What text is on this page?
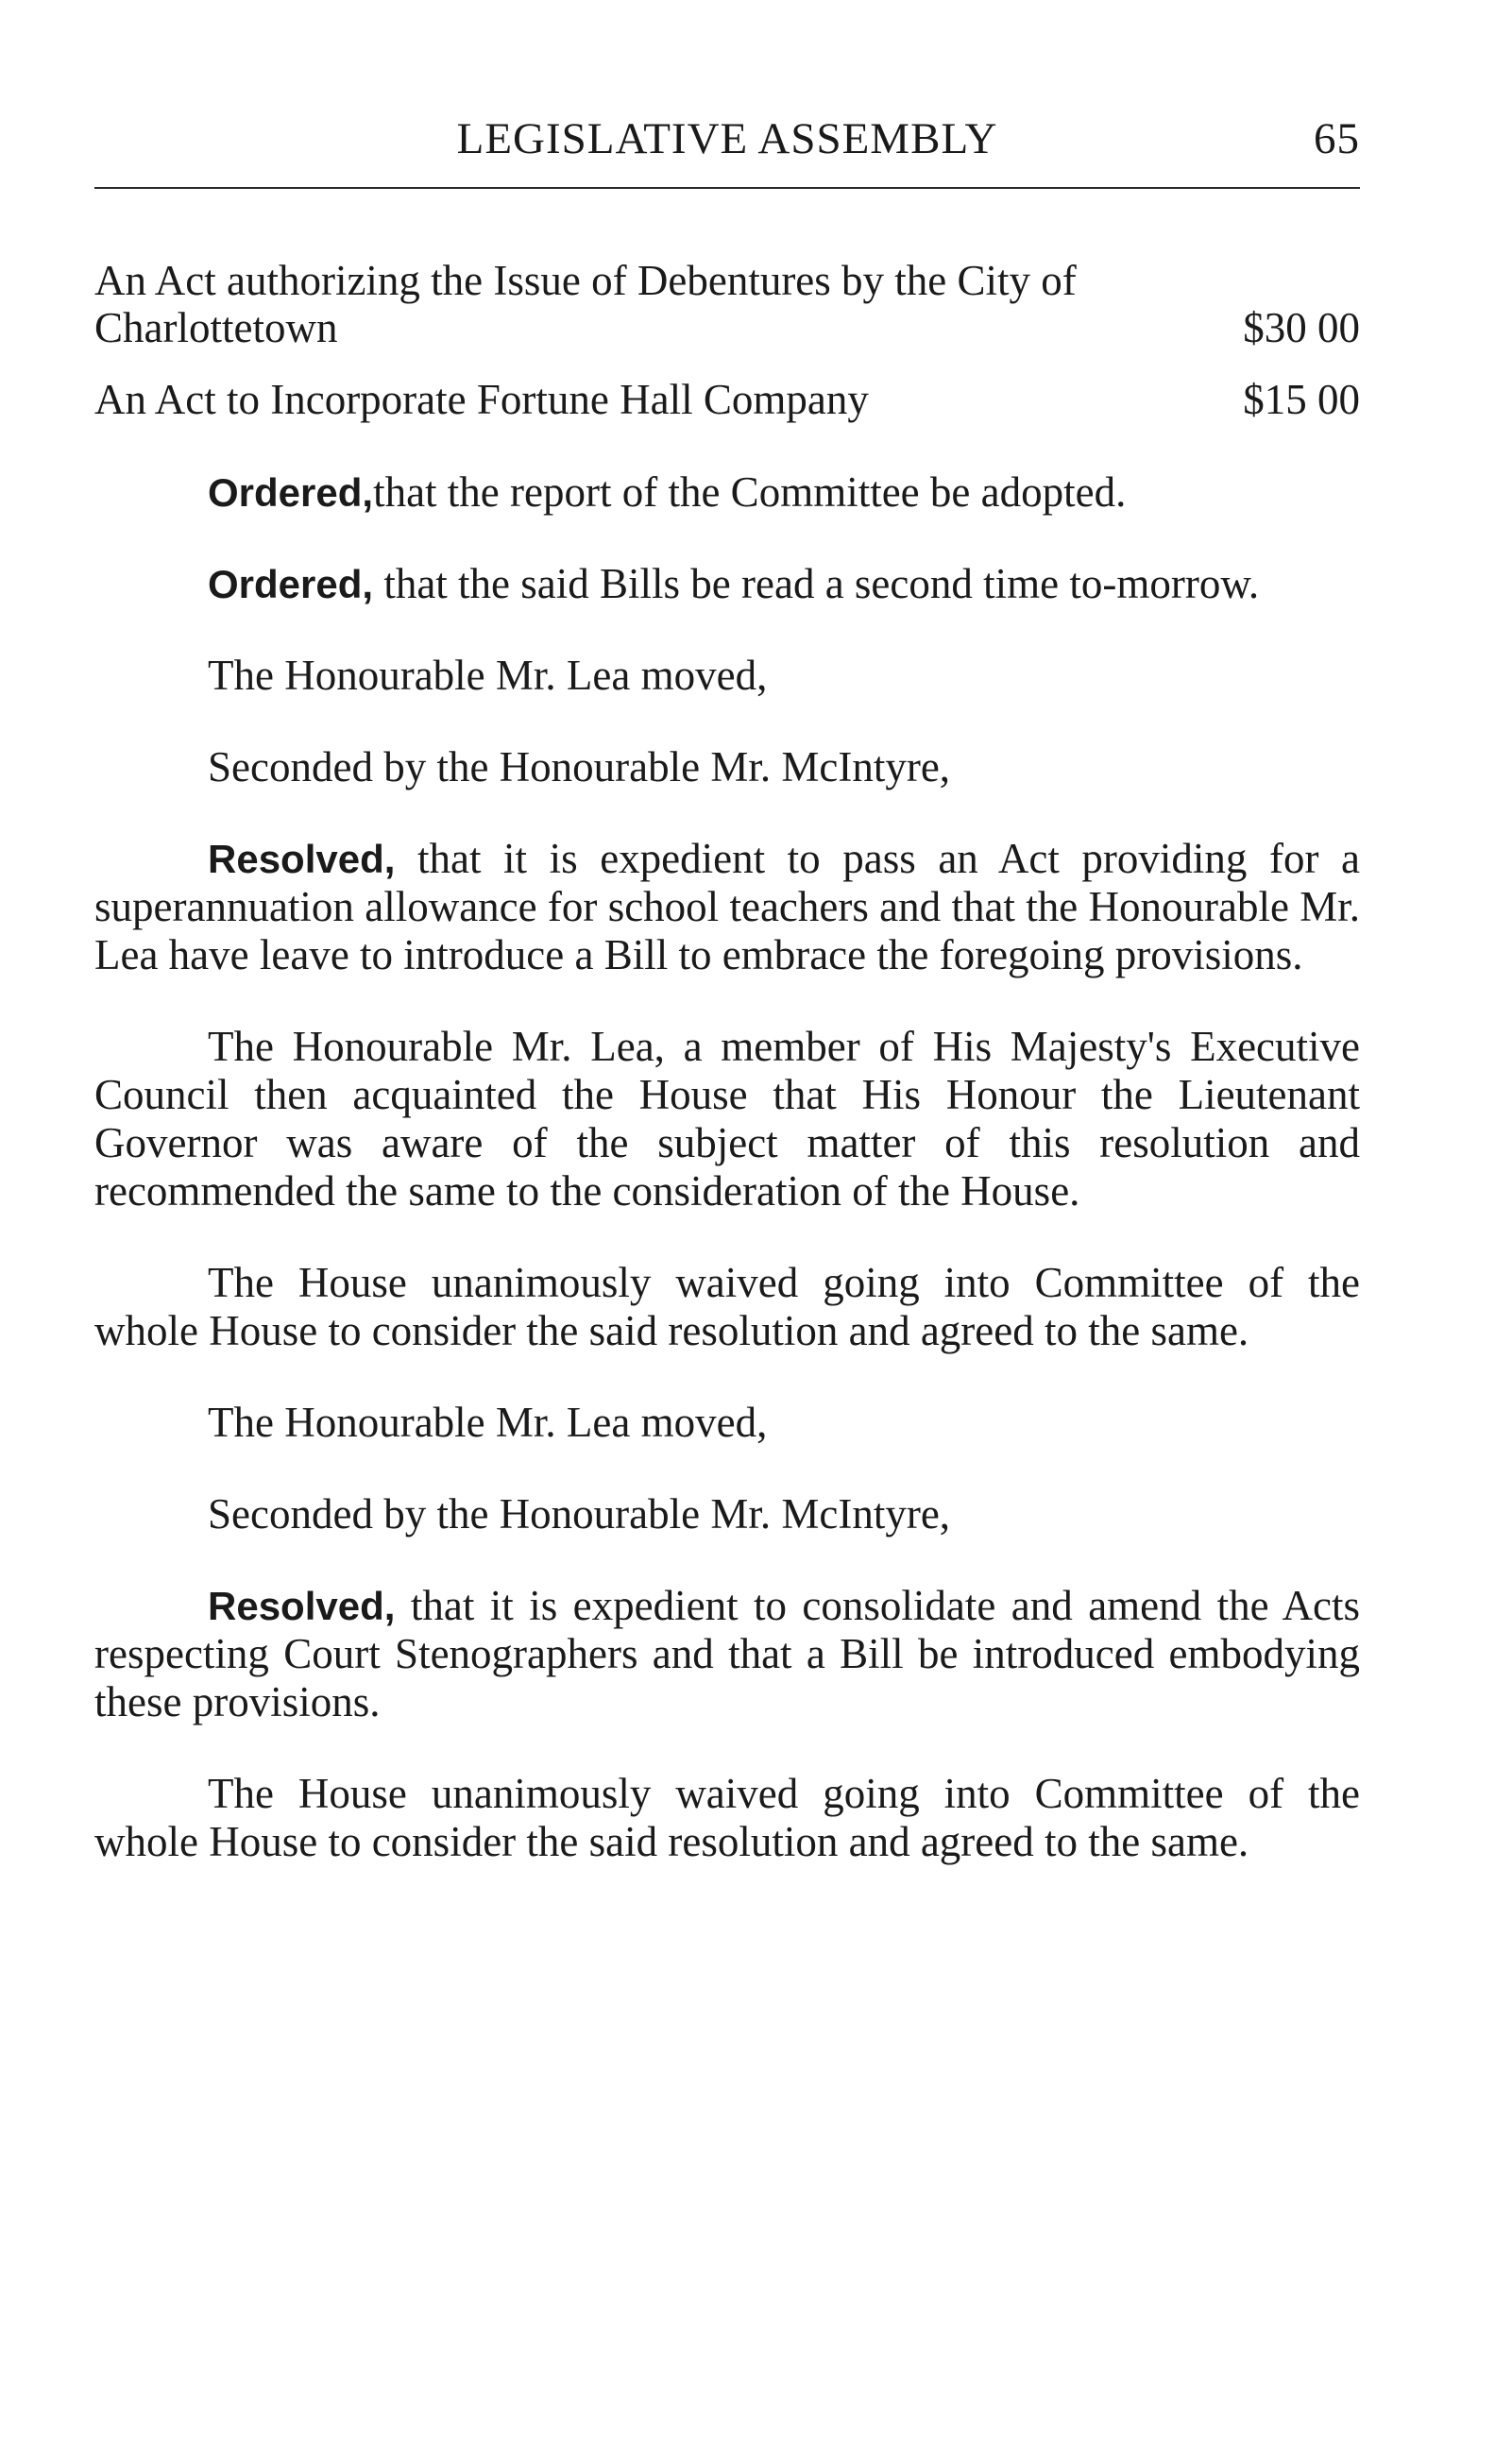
LEGISLATIVE ASSEMBLY	65
An Act authorizing the Issue of Debentures by the City of Charlottetown	$30 00
An Act to Incorporate Fortune Hall Company	$15 00

Ordered,that the report of the Committee be adopted.

Ordered, that the said Bills be read a second time to-morrow.

The Honourable Mr. Lea moved,

Seconded by the Honourable Mr. McIntyre,

Resolved, that it is expedient to pass an Act providing for a superannuation allowance for school teachers and that the Honourable Mr. Lea have leave to introduce a Bill to embrace the foregoing provisions.

The Honourable Mr. Lea, a member of His Majesty's Executive Council then acquainted the House that His Honour the Lieutenant Governor was aware of the subject matter of this resolution and recommended the same to the consideration of the House.

The House unanimously waived going into Committee of the whole House to consider the said resolution and agreed to the same.

The Honourable Mr. Lea moved,

Seconded by the Honourable Mr. McIntyre,

Resolved, that it is expedient to consolidate and amend the Acts respecting Court Stenographers and that a Bill be introduced embodying these provisions.

The House unanimously waived going into Committee of the whole House to consider the said resolution and agreed to the same.
